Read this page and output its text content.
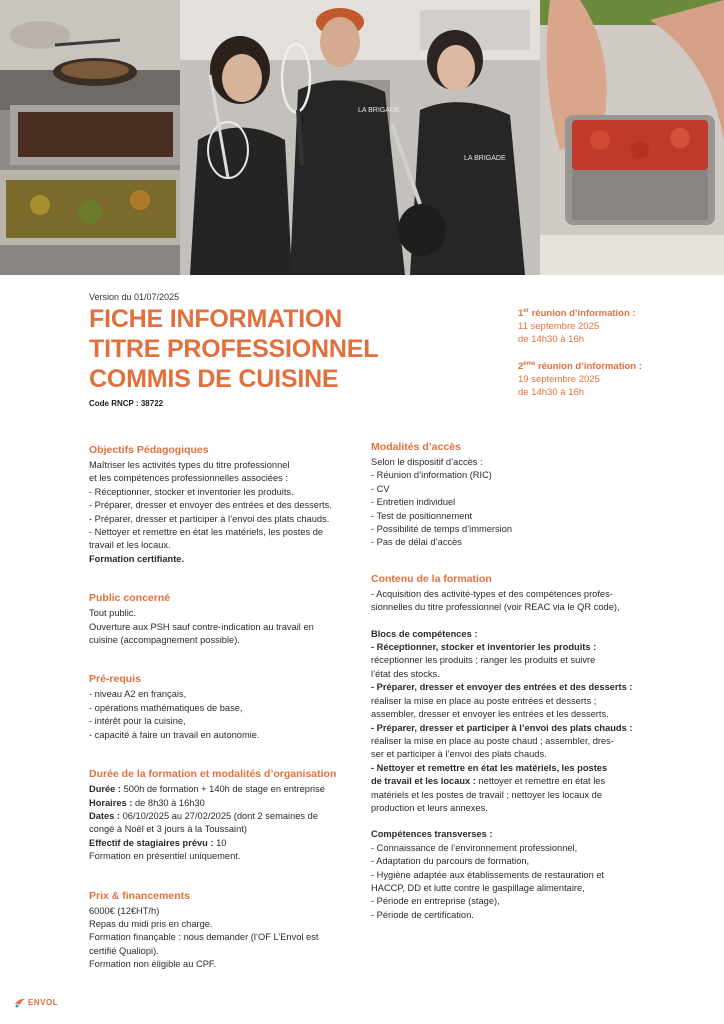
LA BRIGADE
LA BRIGADE
Version du 01/07/2025
FICHE INFORMATION
TITRE PROFESSIONNEL
COMMIS DE CUISINE
Code RNCP : 38722
1er réunion d’information :
11 septembre 2025
de 14h30 à 16h
2ème réunion d’information :
19 septembre 2025
de 14h30 à 16h
Objectifs Pédagogiques
Maîtriser les activités types du titre professionnel
et les compétences professionnelles associées :
- Réceptionner, stocker et inventorier les produits.
- Préparer, dresser et envoyer des entrées et des desserts.
- Préparer, dresser et participer à l’envoi des plats chauds.
- Nettoyer et remettre en état les matériels, les postes de
travail et les locaux.
Formation certifiante.
Public concerné
Tout public.
Ouverture aux PSH sauf contre-indication au travail en
cuisine (accompagnement possible).
Pré-requis
- niveau A2 en français,
- opérations mathématiques de base,
- intérêt pour la cuisine,
- capacité à faire un travail en autonomie.
Durée de la formation et modalités d’organisation
Durée : 500h de formation + 140h de stage en entreprise
Horaires : de 8h30 à 16h30
Dates : 06/10/2025 au 27/02/2025 (dont 2 semaines de
congé à Noël et 3 jours à la Toussaint)
Effectif de stagiaires prévu : 10
Formation en présentiel uniquement.
Prix & financements
6000€ (12€HT/h)
Repas du midi pris en charge.
Formation finançable : nous demander (l’OF L’Envol est
certifié Qualiopi).
Formation non éligible au CPF.
Modalités d’accès
Selon le dispositif d’accès :
- Réunion d’information (RIC)
- CV
- Entretien individuel
- Test de positionnement
- Possibilité de temps d’immersion
- Pas de délai d’accès
Contenu de la formation
- Acquisition des activité-types et des compétences profes-
sionnelles du titre professionnel (voir REAC via le QR code),
Blocs de compétences :
- Réceptionner, stocker et inventorier les produits :
réceptionner les produits ; ranger les produits et suivre
l’état des stocks.
- Préparer, dresser et envoyer des entrées et des desserts :
réaliser la mise en place au poste entrées et desserts ;
assembler, dresser et envoyer les entrées et les desserts.
- Préparer, dresser et participer à l’envoi des plats chauds :
réaliser la mise en place au poste chaud ; assembler, dres-
ser et participer à l’envoi des plats chauds.
- Nettoyer et remettre en état les matériels, les postes
de travail et les locaux : nettoyer et remettre en état les
matériels et les postes de travail ; nettoyer les locaux de
production et leurs annexes.
Compétences transverses :
- Connaissance de l’environnement professionnel,
- Adaptation du parcours de formation,
- Hygiène adaptée aux établissements de restauration et
HACCP, DD et lutte contre le gaspillage alimentaire,
- Période en entreprise (stage),
- Période de certification.
ENVOL
